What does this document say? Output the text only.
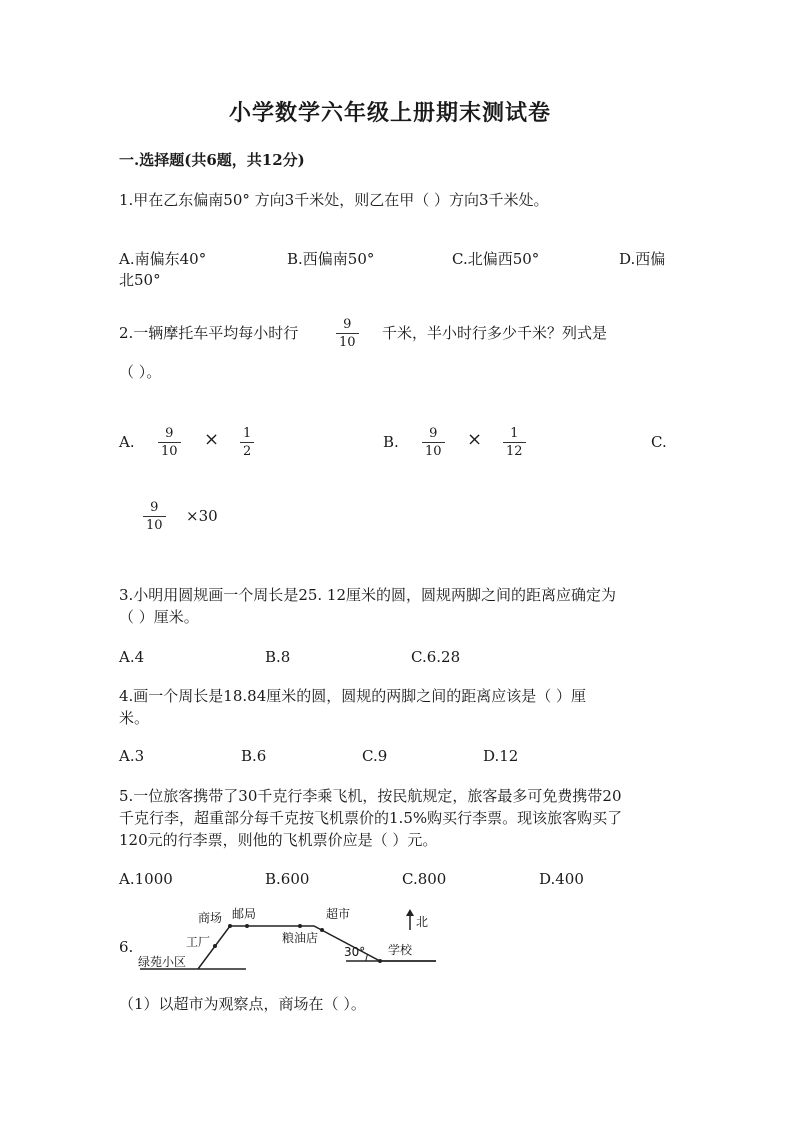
小学数学六年级上册期末测试卷
一.选择题(共6题，共12分)
1.甲在乙东偏南50° 方向3千米处，则乙在甲（ ）方向3千米处。
A.南偏东40°	B.西偏南50°	C.北偏西50°	D.西偏
北50°
2.一辆摩托车平均每小时行	9
10
千米，半小时行多少千米？列式是
（ ）。
A. 9
10
× 1
2
B. 9
10
× 1
12
C.
9
10
×30
3.小明用圆规画一个周长是25. 12厘米的圆，圆规两脚之间的距离应确定为
（ ）厘米。
A.4	B.8	C.6.28
4.画一个周长是18.84厘米的圆，圆规的两脚之间的距离应该是（ ）厘
米。
A.3	B.6	C.9	D.12
5.一位旅客携带了30千克行李乘飞机，按民航规定，旅客最多可免费携带20
千克行李，超重部分每千克按飞机票价的1.5%购买行李票。现该旅客购买了
120元的行李票，则他的飞机票价应是（ ）元。
A.1000	B.600	C.800	D.400
6.
商场 邮局	超市
北
工厂	粮油店
30° 学校
绿苑小区
（1）以超市为观察点，商场在（ ）。
